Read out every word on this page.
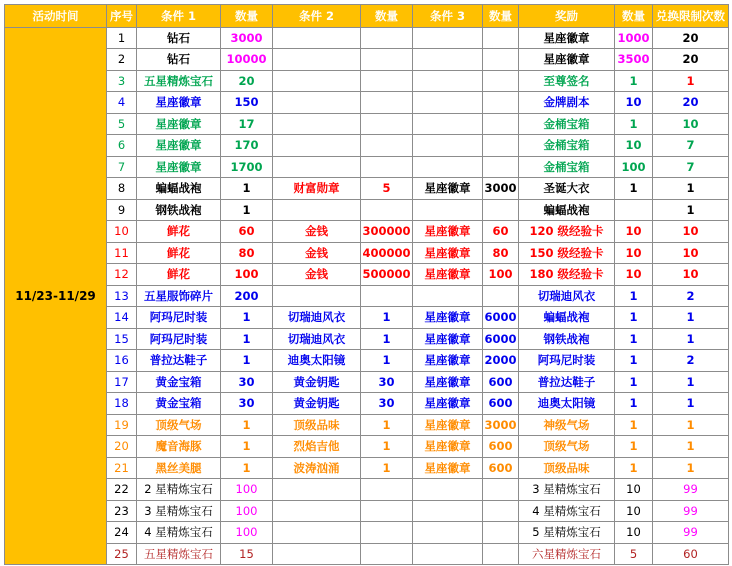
活动时间	序号	条件 1	数量	条件 2	数量	条件 3	数量	奖励	数量	兑换限制次数
11/23-11/29	1	钻石	3000					星座徽章	1000	20
	2	钻石	10000					星座徽章	3500	20
	3	五星精炼宝石	20					至尊签名	1	1
	4	星座徽章	150					金牌剧本	10	20
	5	星座徽章	17					金桶宝箱	1	10
	6	星座徽章	170					金桶宝箱	10	7
	7	星座徽章	1700					金桶宝箱	100	7
	8	蝙蝠战袍	1	财富勋章	5	星座徽章	3000	圣诞大衣	1	1
	9	钢铁战袍	1					蝙蝠战袍		1
	10	鲜花	60	金钱	300000	星座徽章	60	120 级经验卡	10	10
	11	鲜花	80	金钱	400000	星座徽章	80	150 级经验卡	10	10
	12	鲜花	100	金钱	500000	星座徽章	100	180 级经验卡	10	10
	13	五星服饰碎片	200					切瑞迪风衣	1	2
	14	阿玛尼时装	1	切瑞迪风衣	1	星座徽章	6000	蝙蝠战袍	1	1
	15	阿玛尼时装	1	切瑞迪风衣	1	星座徽章	6000	钢铁战袍	1	1
	16	普拉达鞋子	1	迪奥太阳镜	1	星座徽章	2000	阿玛尼时装	1	2
	17	黄金宝箱	30	黄金钥匙	30	星座徽章	600	普拉达鞋子	1	1
	18	黄金宝箱	30	黄金钥匙	30	星座徽章	600	迪奥太阳镜	1	1
	19	顶级气场	1	顶级品味	1	星座徽章	3000	神级气场	1	1
	20	魔音海豚	1	烈焰吉他	1	星座徽章	600	顶级气场	1	1
	21	黑丝美腿	1	波涛汹涌	1	星座徽章	600	顶级品味	1	1
	22	2 星精炼宝石	100					3 星精炼宝石	10	99
	23	3 星精炼宝石	100					4 星精炼宝石	10	99
	24	4 星精炼宝石	100					5 星精炼宝石	10	99
	25	五星精炼宝石	15					六星精炼宝石	5	60
